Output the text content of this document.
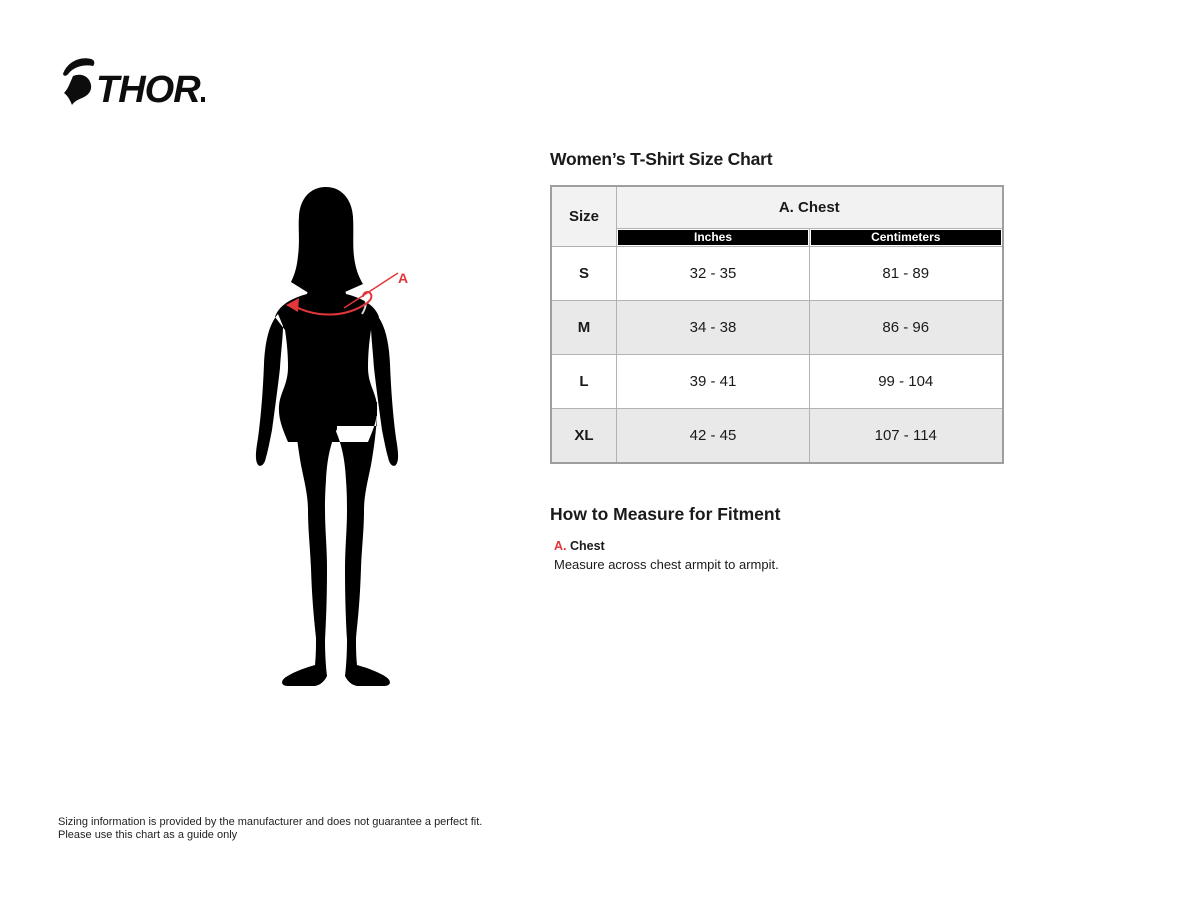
THOR
A
Women’s T-Shirt Size Chart
Size	A. Chest	

	Inches	Centimeters

S	32 - 35	81 - 89
M	34 - 38	86 - 96
L	39 - 41	99 - 104
XL	42 - 45	107 - 114
How to Measure for Fitment
A. Chest
Measure across chest armpit to armpit.
Sizing information is provided by the manufacturer and does not guarantee a perfect fit.
Please use this chart as a guide only
